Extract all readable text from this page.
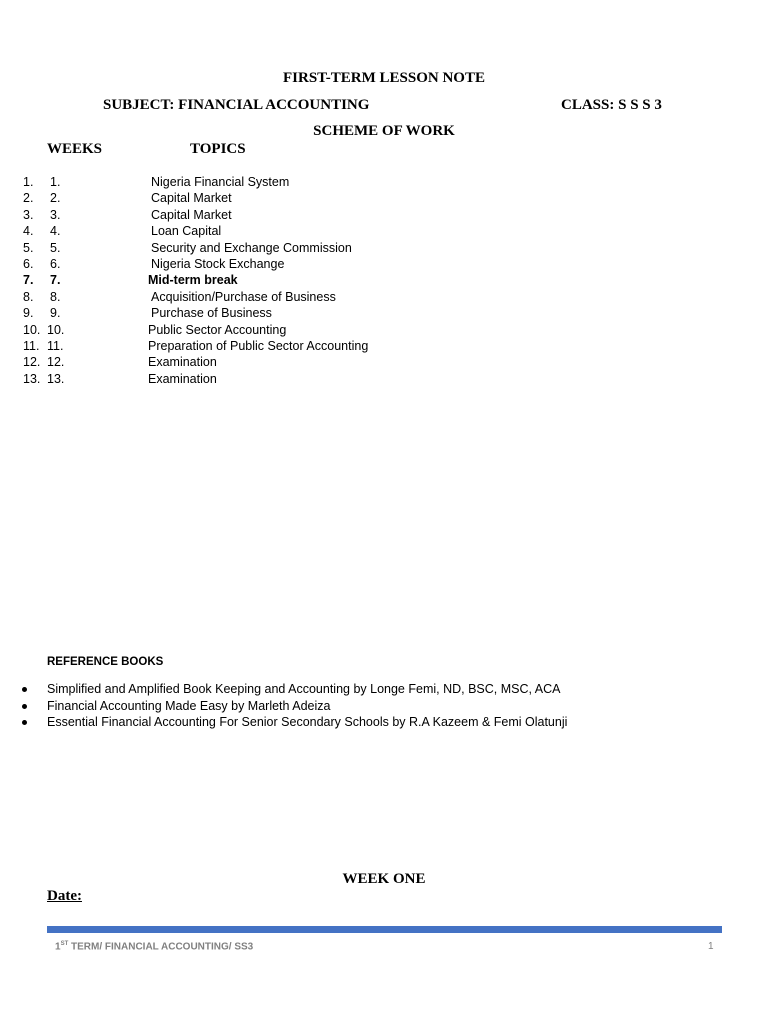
FIRST-TERM LESSON NOTE
SUBJECT: FINANCIAL ACCOUNTING	CLASS: S S S 3
SCHEME OF WORK
WEEKS	TOPICS
1. 1.	Nigeria Financial System
2. 2.	Capital Market
3. 3.	Capital Market
4. 4.	Loan Capital
5. 5.	Security and Exchange Commission
6. 6.	Nigeria Stock Exchange
7. 7.	Mid-term break
8. 8.	Acquisition/Purchase of Business
9. 9.	Purchase of Business
10. 10.	Public Sector Accounting
11. 11.	Preparation of Public Sector Accounting
12. 12.	Examination
13. 13.	Examination
REFERENCE BOOKS
Simplified and Amplified Book Keeping and Accounting by Longe Femi, ND, BSC, MSC, ACA
Financial Accounting Made Easy by Marleth Adeiza
Essential Financial Accounting For Senior Secondary Schools by R.A Kazeem & Femi Olatunji
WEEK ONE
Date:
1ST TERM/ FINANCIAL ACCOUNTING/ SS3	1
